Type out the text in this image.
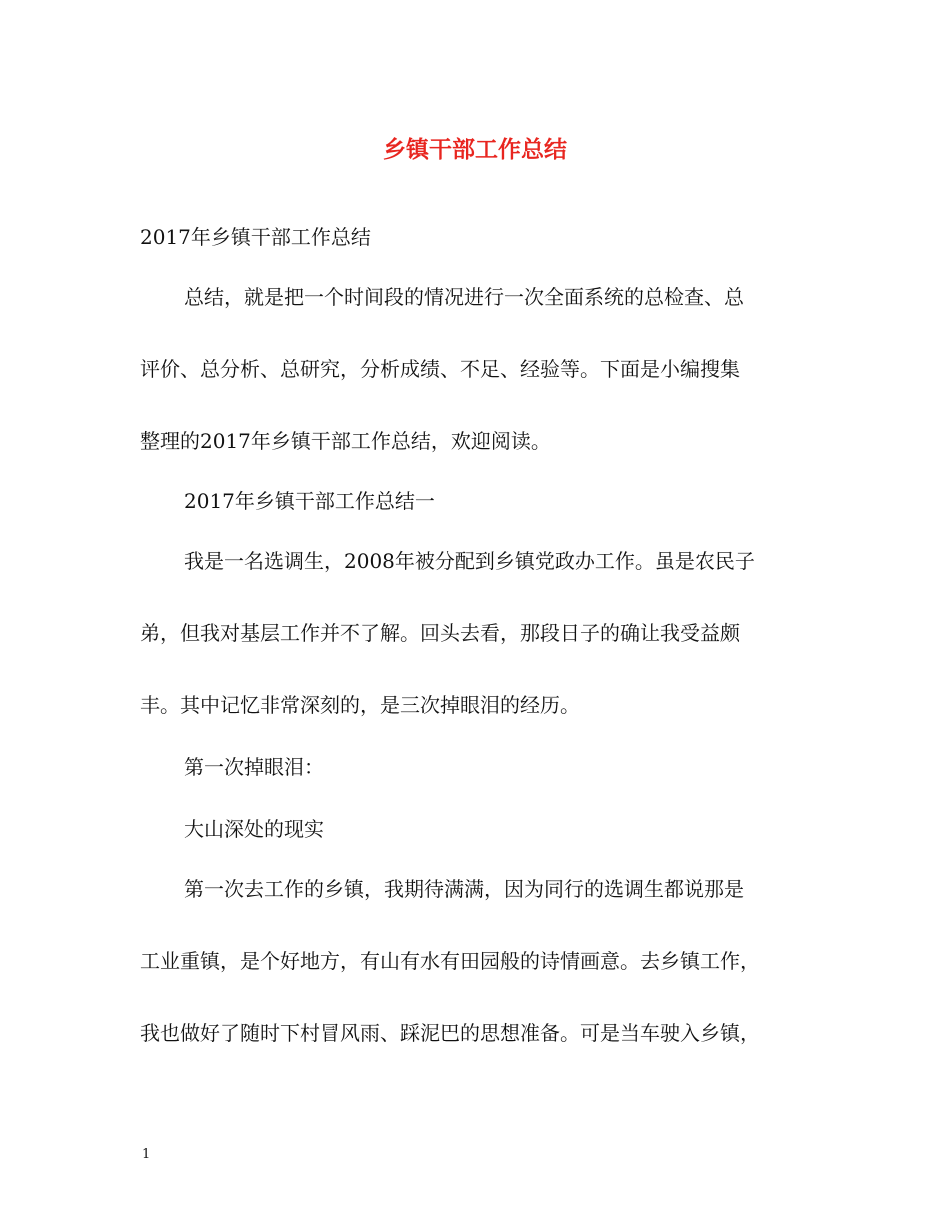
乡镇干部工作总结
2017年乡镇干部工作总结
总结，就是把一个时间段的情况进行一次全面系统的总检查、总
评价、总分析、总研究，分析成绩、不足、经验等。下面是小编搜集
整理的2017年乡镇干部工作总结，欢迎阅读。
2017年乡镇干部工作总结一
我是一名选调生，2008年被分配到乡镇党政办工作。虽是农民子
弟，但我对基层工作并不了解。回头去看，那段日子的确让我受益颇
丰。其中记忆非常深刻的，是三次掉眼泪的经历。
第一次掉眼泪：
大山深处的现实
第一次去工作的乡镇，我期待满满，因为同行的选调生都说那是
工业重镇，是个好地方，有山有水有田园般的诗情画意。去乡镇工作，
我也做好了随时下村冒风雨、踩泥巴的思想准备。可是当车驶入乡镇，
1
